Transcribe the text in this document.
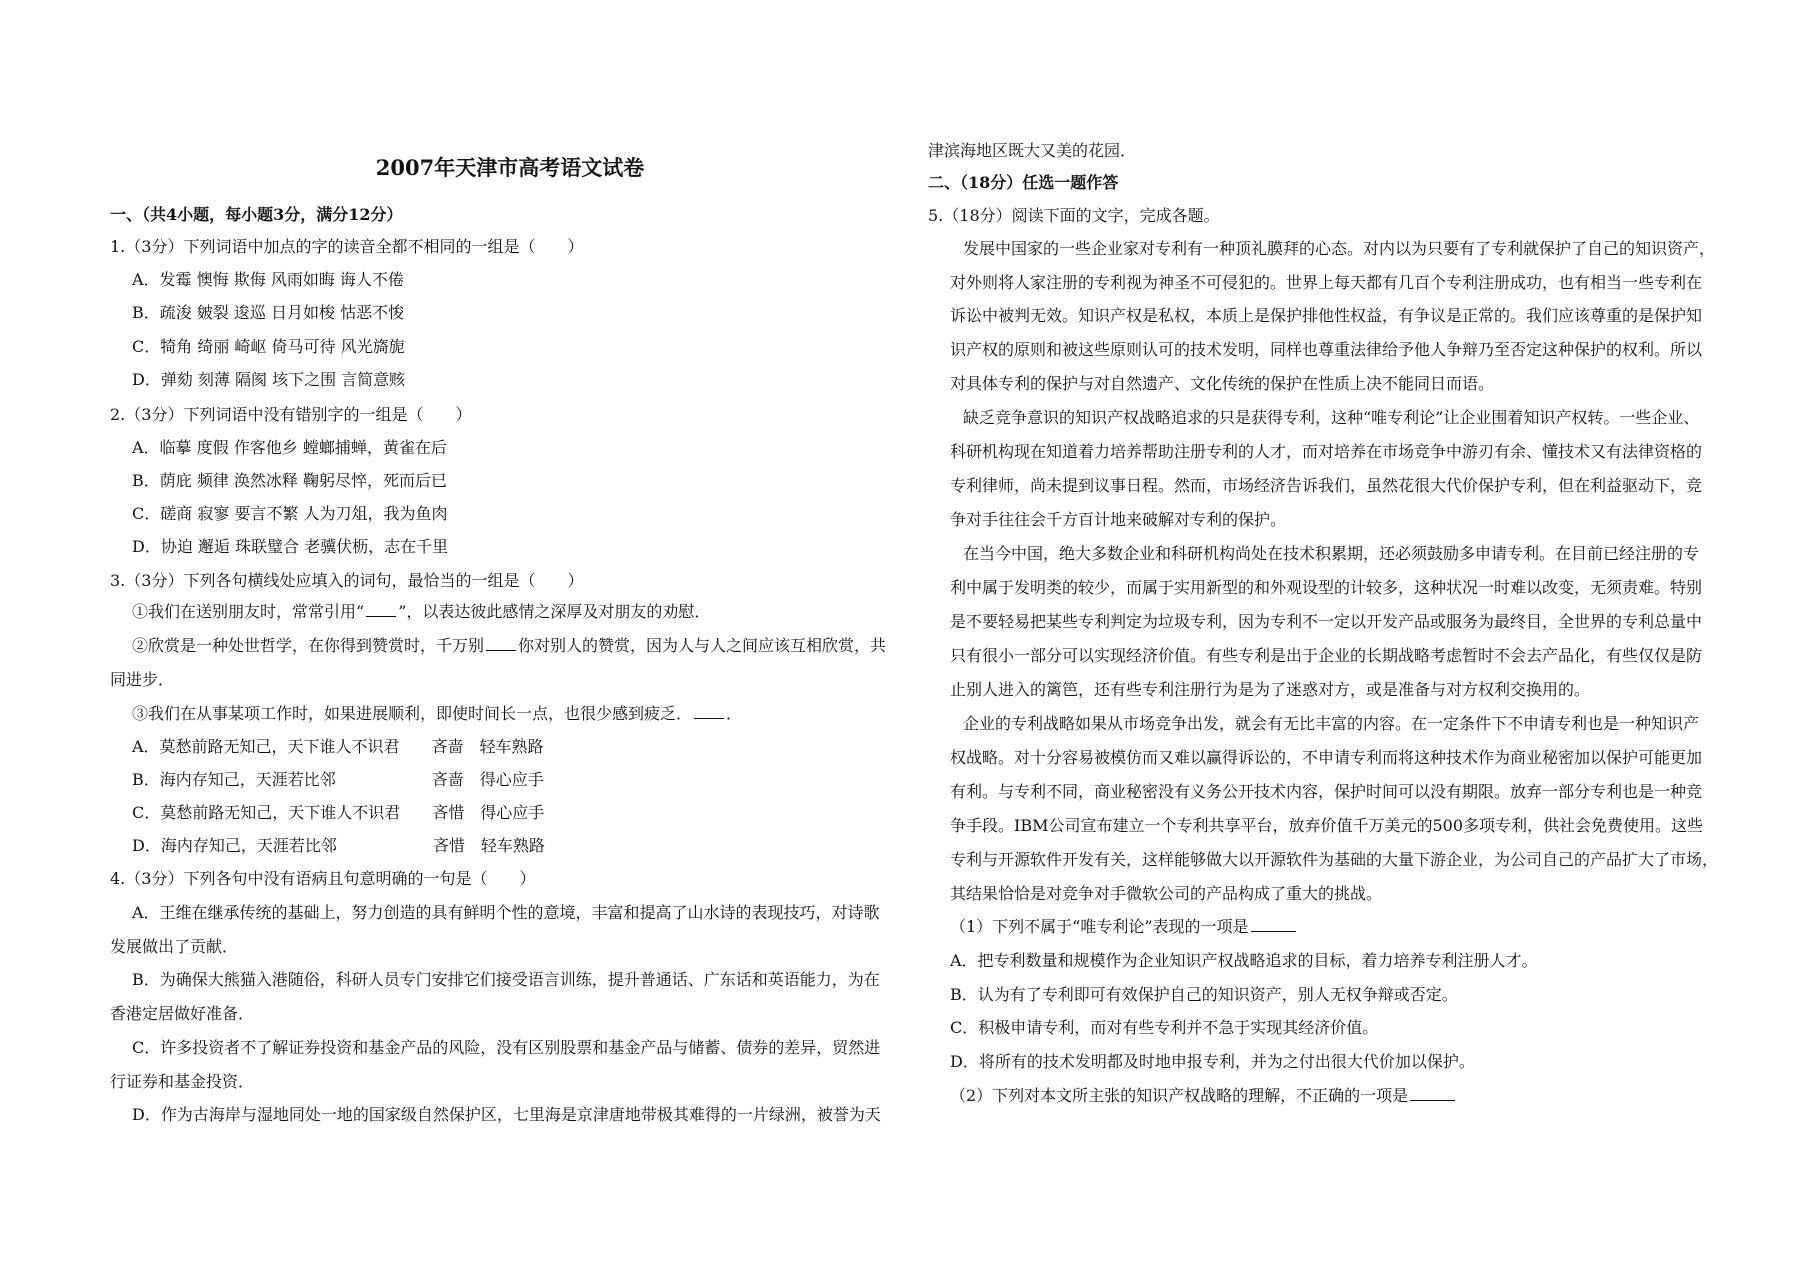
2007年天津市高考语文试卷
一、（共4小题，每小题3分，满分12分）
1.（3分）下列词语中加点的字的读音全都不相同的一组是（　　）
A．发霉 懊悔 欺侮 风雨如晦 诲人不倦
B．疏浚 皴裂 逡巡 日月如梭 怙恶不悛
C．犄角 绮丽 崎岖 倚马可待 风光旖旎
D．弹劾 刻薄 隔阂 垓下之围 言简意赅
2.（3分）下列词语中没有错别字的一组是（　　）
A．临摹 度假 作客他乡 螳螂捕蝉，黄雀在后
B．荫庇 频律 涣然冰释 鞠躬尽悴，死而后已
C．磋商 寂寥 要言不繁 人为刀俎，我为鱼肉
D．协迫 邂逅 珠联璧合 老骥伏枥，志在千里
3.（3分）下列各句横线处应填入的词句，最恰当的一组是（　　）
①我们在送别朋友时，常常引用“ ”，以表达彼此感情之深厚及对朋友的劝慰．
②欣赏是一种处世哲学，在你得到赞赏时，千万别 你对别人的赞赏，因为人与人之间应该互相欣赏，共
同进步．
③我们在从事某项工作时，如果进展顺利，即使时间长一点，也很少感到疲乏． ．
A．莫愁前路无知己，天下谁人不识君　　吝啬　轻车熟路
B．海内存知己，天涯若比邻　　　　　　吝啬　得心应手
C．莫愁前路无知己，天下谁人不识君　　吝惜　得心应手
D．海内存知己，天涯若比邻　　　　　　吝惜　轻车熟路
4.（3分）下列各句中没有语病且句意明确的一句是（　　）
A．王维在继承传统的基础上，努力创造的具有鲜明个性的意境，丰富和提高了山水诗的表现技巧，对诗歌
发展做出了贡献．
B．为确保大熊猫入港随俗，科研人员专门安排它们接受语言训练，提升普通话、广东话和英语能力，为在
香港定居做好准备．
C．许多投资者不了解证券投资和基金产品的风险，没有区别股票和基金产品与储蓄、债券的差异，贸然进
行证券和基金投资．
D．作为古海岸与湿地同处一地的国家级自然保护区，七里海是京津唐地带极其难得的一片绿洲，被誉为天
津滨海地区既大又美的花园．
二、（18分）任选一题作答
5.（18分）阅读下面的文字，完成各题。
发展中国家的一些企业家对专利有一种顶礼膜拜的心态。对内以为只要有了专利就保护了自己的知识资产，
对外则将人家注册的专利视为神圣不可侵犯的。世界上每天都有几百个专利注册成功，也有相当一些专利在
诉讼中被判无效。知识产权是私权，本质上是保护排他性权益，有争议是正常的。我们应该尊重的是保护知
识产权的原则和被这些原则认可的技术发明，同样也尊重法律给予他人争辩乃至否定这种保护的权利。所以
对具体专利的保护与对自然遗产、文化传统的保护在性质上决不能同日而语。
缺乏竞争意识的知识产权战略追求的只是获得专利，这种“唯专利论”让企业围着知识产权转。一些企业、
科研机构现在知道着力培养帮助注册专利的人才，而对培养在市场竞争中游刃有余、懂技术又有法律资格的
专利律师，尚未提到议事日程。然而，市场经济告诉我们，虽然花很大代价保护专利，但在利益驱动下，竞
争对手往往会千方百计地来破解对专利的保护。
在当今中国，绝大多数企业和科研机构尚处在技术积累期，还必须鼓励多申请专利。在目前已经注册的专
利中属于发明类的较少，而属于实用新型的和外观设型的计较多，这种状况一时难以改变，无须责难。特别
是不要轻易把某些专利判定为垃圾专利，因为专利不一定以开发产品或服务为最终目，全世界的专利总量中
只有很小一部分可以实现经济价值。有些专利是出于企业的长期战略考虑暂时不会去产品化，有些仅仅是防
止别人进入的篱笆，还有些专利注册行为是为了迷惑对方，或是准备与对方权利交换用的。
企业的专利战略如果从市场竞争出发，就会有无比丰富的内容。在一定条件下不申请专利也是一种知识产
权战略。对十分容易被模仿而又难以赢得诉讼的，不申请专利而将这种技术作为商业秘密加以保护可能更加
有利。与专利不同，商业秘密没有义务公开技术内容，保护时间可以没有期限。放弃一部分专利也是一种竞
争手段。IBM公司宣布建立一个专利共享平台，放弃价值千万美元的500多项专利，供社会免费使用。这些
专利与开源软件开发有关，这样能够做大以开源软件为基础的大量下游企业，为公司自己的产品扩大了市场，
其结果恰恰是对竞争对手微软公司的产品构成了重大的挑战。
（1）下列不属于“唯专利论”表现的一项是
A．把专利数量和规模作为企业知识产权战略追求的目标，着力培养专利注册人才。
B．认为有了专利即可有效保护自己的知识资产，别人无权争辩或否定。
C．积极申请专利，而对有些专利并不急于实现其经济价值。
D．将所有的技术发明都及时地申报专利，并为之付出很大代价加以保护。
（2）下列对本文所主张的知识产权战略的理解，不正确的一项是
